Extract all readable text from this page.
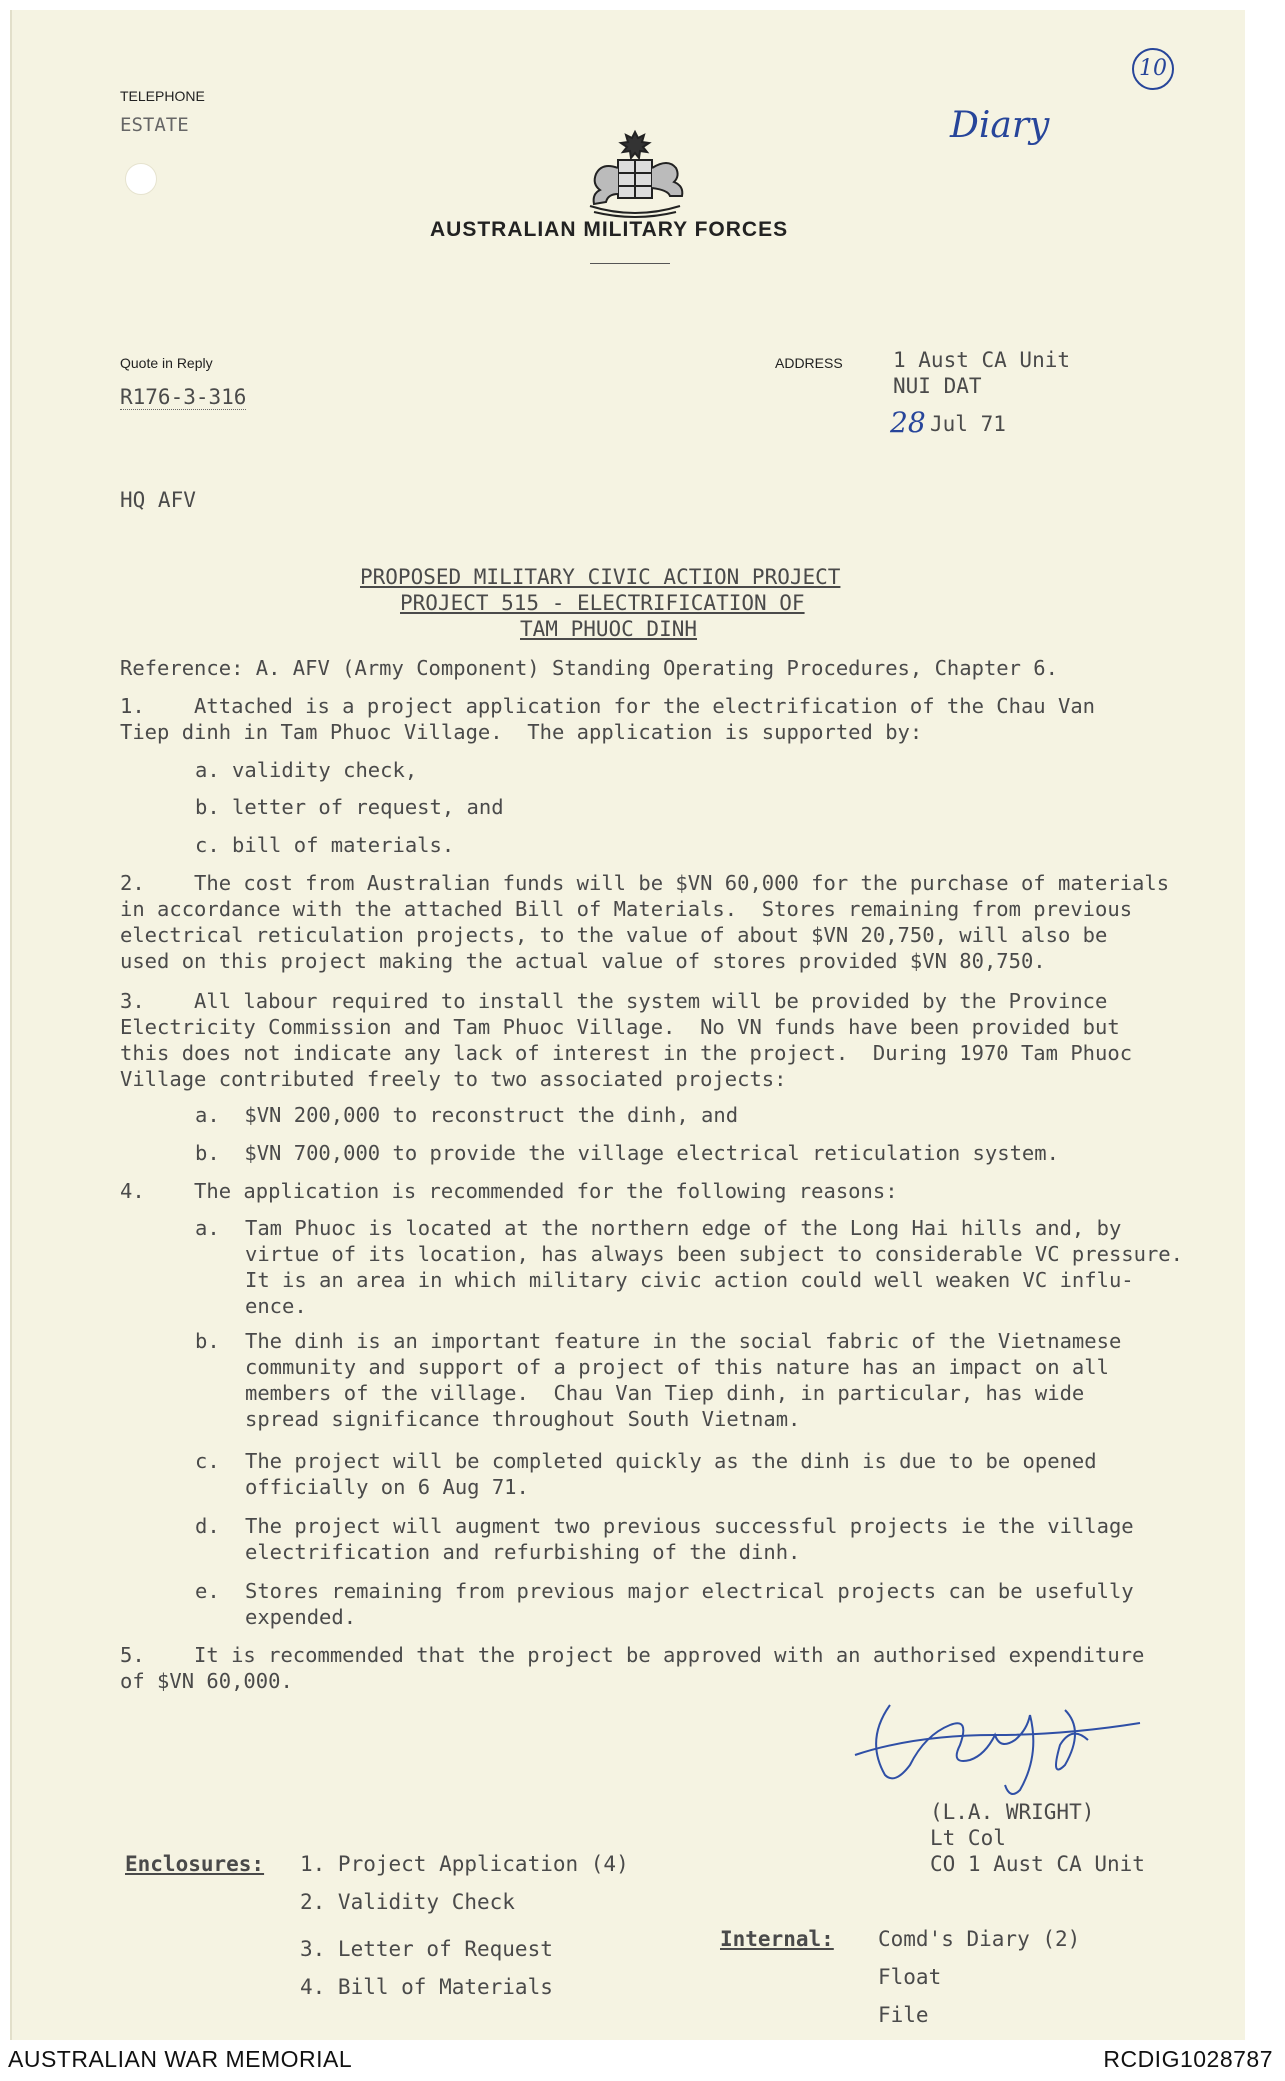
TELEPHONE
ESTATE	Diary
10
AUSTRALIAN MILITARY FORCES
Quote in Reply
R176-3-316
ADDRESS 1 Aust CA Unit
NUI DAT
28 Jul 71
HQ AFV
PROPOSED MILITARY CIVIC ACTION PROJECT
PROJECT 515 - ELECTRIFICATION OF
TAM PHUOC DINH
Reference: A. AFV (Army Component) Standing Operating Procedures, Chapter 6.
1.    Attached is a project application for the electrification of the Chau Van
Tiep dinh in Tam Phuoc Village.  The application is supported by:
a. validity check,
b. letter of request, and
c. bill of materials.
2.    The cost from Australian funds will be $VN 60,000 for the purchase of materials
in accordance with the attached Bill of Materials.  Stores remaining from previous
electrical reticulation projects, to the value of about $VN 20,750, will also be
used on this project making the actual value of stores provided $VN 80,750.
3.    All labour required to install the system will be provided by the Province
Electricity Commission and Tam Phuoc Village.  No VN funds have been provided but
this does not indicate any lack of interest in the project.  During 1970 Tam Phuoc
Village contributed freely to two associated projects:
a.  $VN 200,000 to reconstruct the dinh, and
b.  $VN 700,000 to provide the village electrical reticulation system.
4.    The application is recommended for the following reasons:
a. Tam Phuoc is located at the northern edge of the Long Hai hills and, by
virtue of its location, has always been subject to considerable VC pressure.
It is an area in which military civic action could well weaken VC influ-
ence.
b. The dinh is an important feature in the social fabric of the Vietnamese
community and support of a project of this nature has an impact on all
members of the village.  Chau Van Tiep dinh, in particular, has wide
spread significance throughout South Vietnam.
c. The project will be completed quickly as the dinh is due to be opened
officially on 6 Aug 71.
d. The project will augment two previous successful projects ie the village
electrification and refurbishing of the dinh.
e. Stores remaining from previous major electrical projects can be usefully
expended.
5.    It is recommended that the project be approved with an authorised expenditure
of $VN 60,000.
(L.A. WRIGHT)
Lt Col
CO 1 Aust CA Unit
Enclosures: 1. Project Application (4)
2. Validity Check
3. Letter of Request
4. Bill of Materials
Internal: Comd's Diary (2)
Float
File
AUSTRALIAN WAR MEMORIAL	RCDIG1028787
